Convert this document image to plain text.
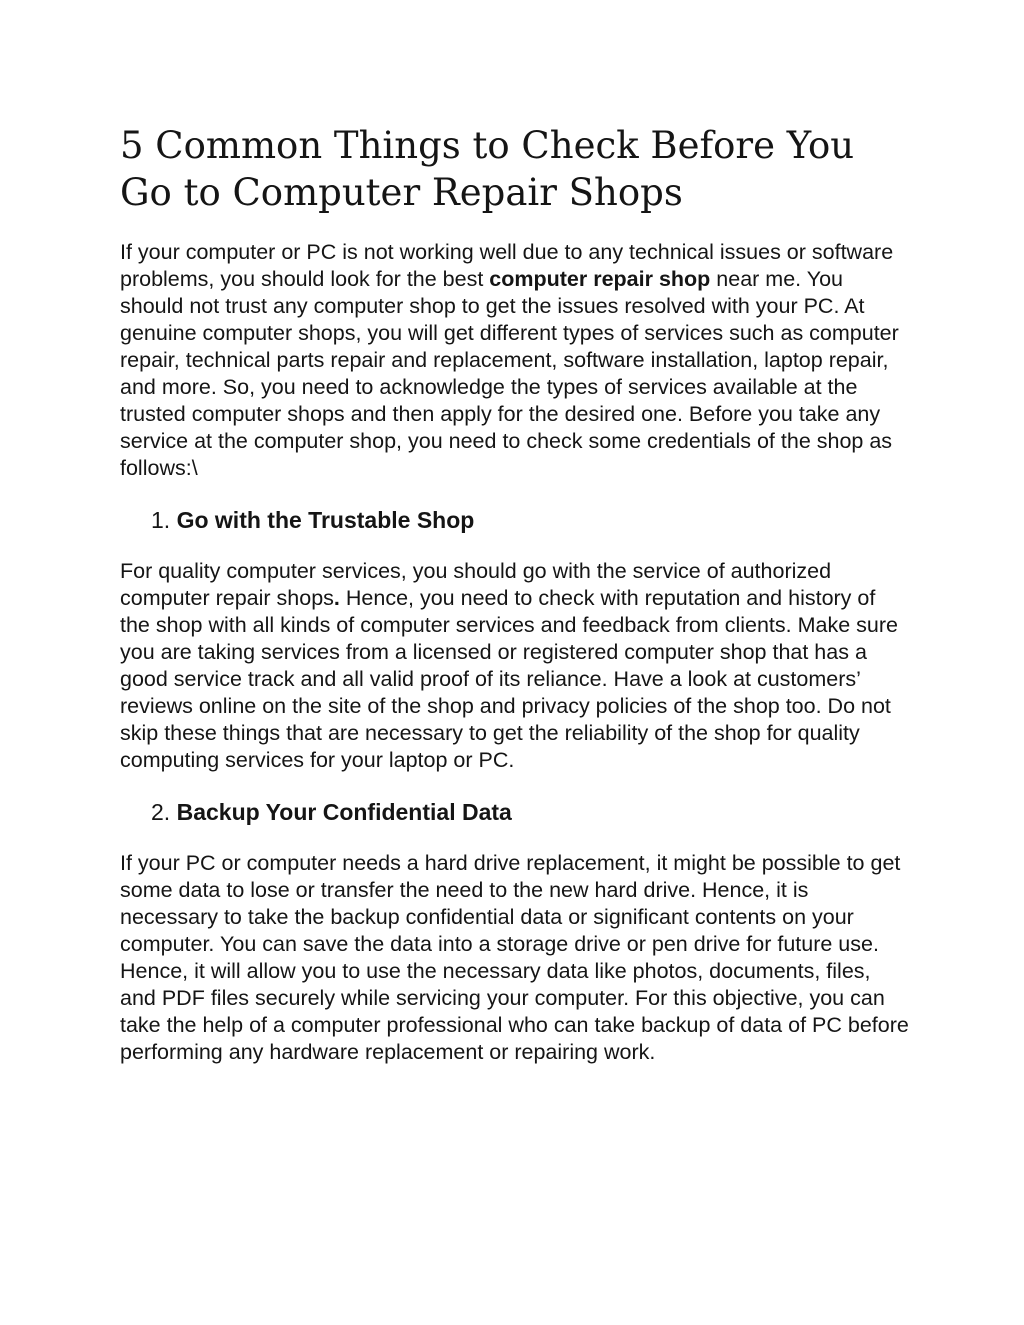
5 Common Things to Check Before You Go to Computer Repair Shops

If your computer or PC is not working well due to any technical issues or software problems, you should look for the best computer repair shop near me. You should not trust any computer shop to get the issues resolved with your PC. At genuine computer shops, you will get different types of services such as computer repair, technical parts repair and replacement, software installation, laptop repair, and more. So, you need to acknowledge the types of services available at the trusted computer shops and then apply for the desired one. Before you take any service at the computer shop, you need to check some credentials of the shop as follows:\

1. Go with the Trustable Shop

For quality computer services, you should go with the service of authorized computer repair shops. Hence, you need to check with reputation and history of the shop with all kinds of computer services and feedback from clients. Make sure you are taking services from a licensed or registered computer shop that has a good service track and all valid proof of its reliance. Have a look at customers’ reviews online on the site of the shop and privacy policies of the shop too. Do not skip these things that are necessary to get the reliability of the shop for quality computing services for your laptop or PC.

2. Backup Your Confidential Data

If your PC or computer needs a hard drive replacement, it might be possible to get some data to lose or transfer the need to the new hard drive. Hence, it is necessary to take the backup confidential data or significant contents on your computer. You can save the data into a storage drive or pen drive for future use. Hence, it will allow you to use the necessary data like photos, documents, files, and PDF files securely while servicing your computer. For this objective, you can take the help of a computer professional who can take backup of data of PC before performing any hardware replacement or repairing work.
